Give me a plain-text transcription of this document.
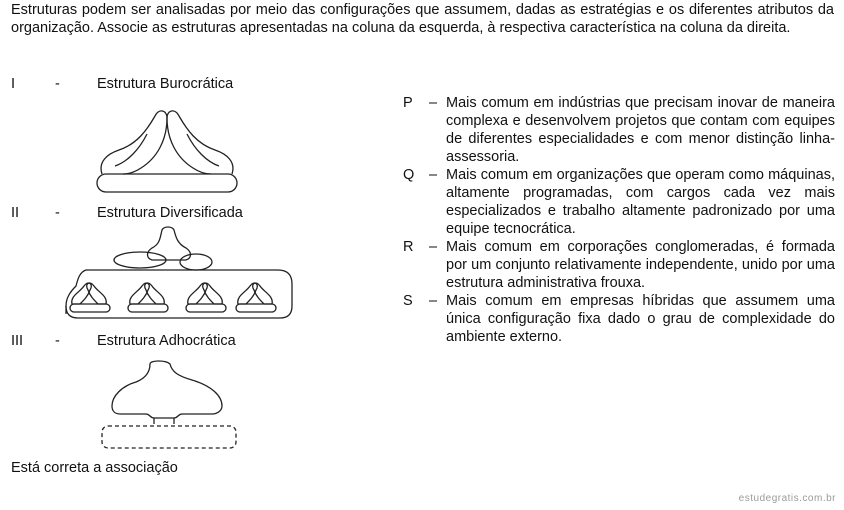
Estruturas podem ser analisadas por meio das configurações que assumem, dadas as estratégias e os diferentes atributos da organização. Associe as estruturas apresentadas na coluna da esquerda, à respectiva característica na coluna da direita.
I	-	Estrutura Burocrática
II -	Estrutura Diversificada
III -	Estrutura Adhocrática
P	– Mais comum em indústrias que precisam inovar de maneira complexa e desenvolvem projetos que contam com equipes de diferentes especialidades e com menor distinção linha-assessoria.
Q	– Mais comum em organizações que operam como máquinas, altamente programadas, com cargos cada vez mais especializados e trabalho altamente padronizado por uma equipe tecnocrática.
R	– Mais comum em corporações conglomeradas, é formada por um conjunto relativamente independente, unido por uma estrutura administrativa frouxa.
S	– Mais comum em empresas híbridas que assumem uma única configuração fixa dado o grau de complexidade do ambiente externo.
Está correta a associação
estudegratis.com.br
